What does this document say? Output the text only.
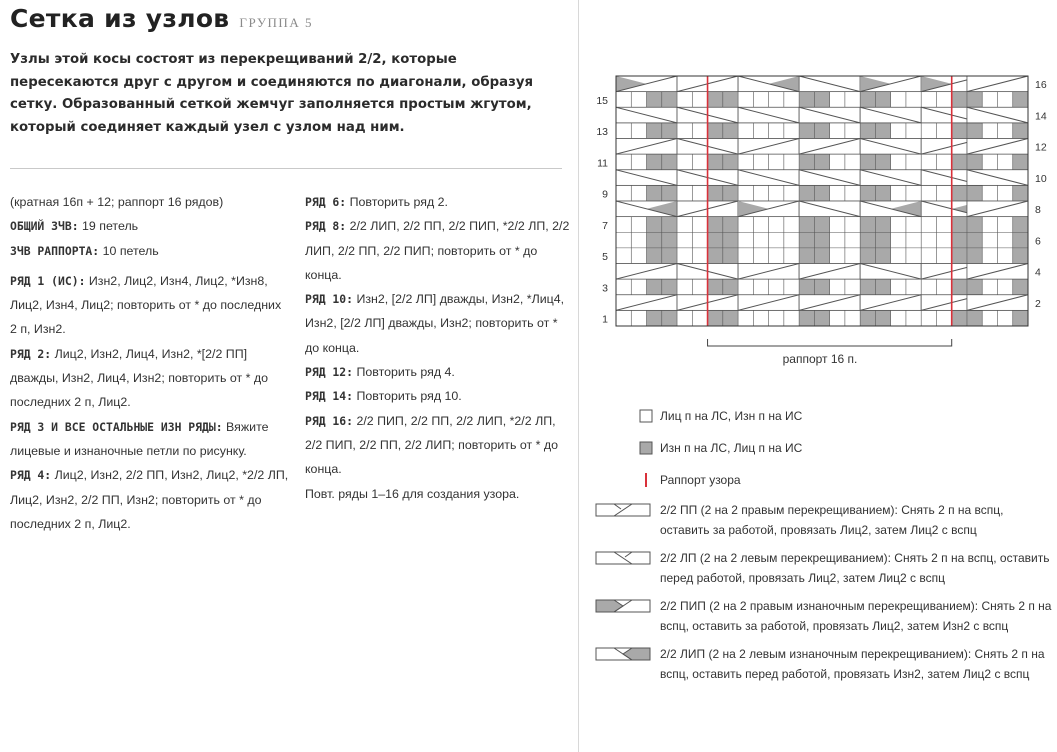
Сетка из узлов ГРУППА 5

Узлы этой косы состоят из перекрещиваний 2/2, которые пересекаются друг с другом и соединяются по диагонали, образуя сетку. Образованный сеткой жемчуг заполняется простым жгутом, который соединяет каждый узел с узлом над ним.

(кратная 16п + 12; раппорт 16 рядов)

ОБЩИЙ ЗЧВ: 19 петель

ЗЧВ РАППОРТА: 10 петель

РЯД 1 (ИС): Изн2, Лиц2, Изн4, Лиц2, *Изн8, Лиц2, Изн4, Лиц2; повторить от * до последних 2 п, Изн2.

РЯД 2: Лиц2, Изн2, Лиц4, Изн2, *[2/2 ПП] дважды, Изн2, Лиц4, Изн2; повторить от * до последних 2 п, Лиц2.

РЯД 3 И ВСЕ ОСТАЛЬНЫЕ ИЗН РЯДЫ: Вяжите лицевые и изнаночные петли по рисунку.

РЯД 4: Лиц2, Изн2, 2/2 ПП, Изн2, Лиц2, *2/2 ЛП, Лиц2, Изн2, 2/2 ПП, Изн2; повторить от * до последних 2 п, Лиц2.

РЯД 6: Повторить ряд 2.

РЯД 8: 2/2 ЛИП, 2/2 ПП, 2/2 ПИП, *2/2 ЛП, 2/2 ЛИП, 2/2 ПП, 2/2 ПИП; повторить от * до конца.

РЯД 10: Изн2, [2/2 ЛП] дважды, Изн2, *Лиц4, Изн2, [2/2 ЛП] дважды, Изн2; повторить от * до конца.

РЯД 12: Повторить ряд 4.

РЯД 14: Повторить ряд 10.

РЯД 16: 2/2 ПИП, 2/2 ПП, 2/2 ЛИП, *2/2 ЛП, 2/2 ПИП, 2/2 ПП, 2/2 ЛИП; повторить от * до конца.

Повт. ряды 1–16 для создания узора.

15
13
11
9
7
5
3
1
16
14
12
10
8
6
4
2
раппорт 16 п.
Лиц п на ЛС, Изн п на ИС
Изн п на ЛС, Лиц п на ИС
Раппорт узора
2/2 ПП (2 на 2 правым перекрещиванием): Снять 2 п на вспц, оставить за работой, провязать Лиц2, затем Лиц2 с вспц
2/2 ЛП (2 на 2 левым перекрещиванием): Снять 2 п на вспц, оставить перед работой, провязать Лиц2, затем Лиц2 с вспц
2/2 ПИП (2 на 2 правым изнаночным перекрещиванием): Снять 2 п на вспц, оставить за работой, провязать Лиц2, затем Изн2 с вспц
2/2 ЛИП (2 на 2 левым изнаночным перекрещиванием): Снять 2 п на вспц, оставить перед работой, провязать Изн2, затем Лиц2 с вспц
